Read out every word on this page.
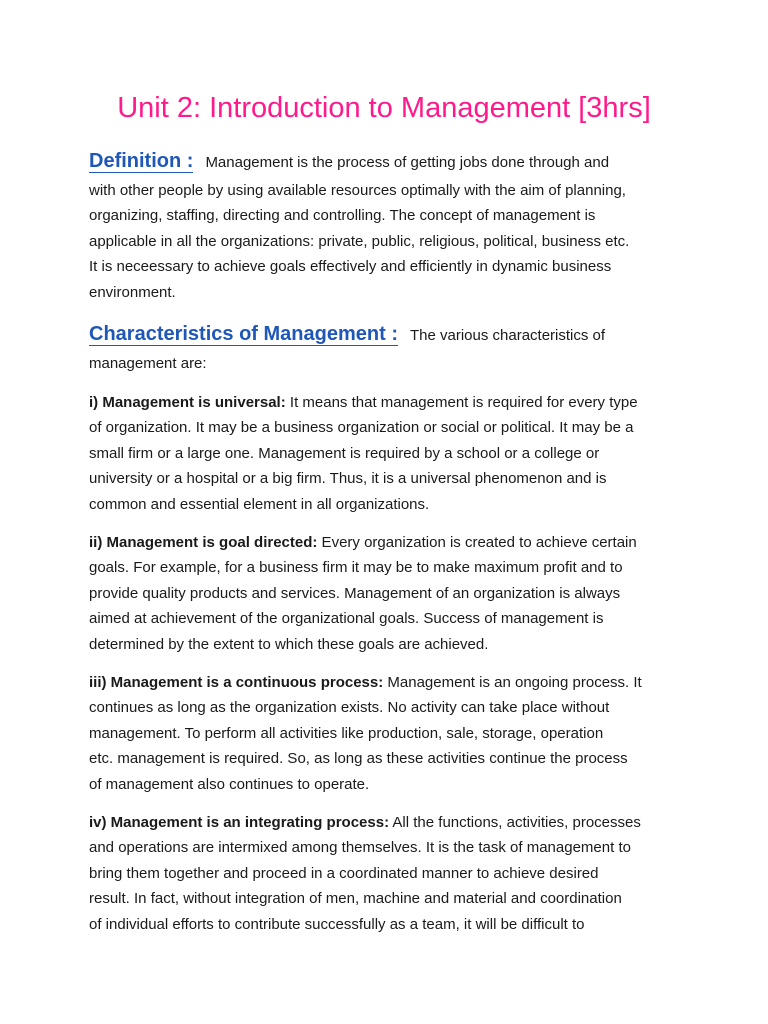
Unit 2: Introduction to Management [3hrs]
Definition : Management is the process of getting jobs done through and
with other people by using available resources optimally with the aim of planning,
organizing, staffing, directing and controlling. The concept of management is
applicable in all the organizations: private, public, religious, political, business etc.
It is neceessary to achieve goals effectively and efficiently in dynamic business
environment.
Characteristics of Management : The various characteristics of
management are:
i) Management is universal: It means that management is required for every type
of organization. It may be a business organization or social or political. It may be a
small firm or a large one. Management is required by a school or a college or
university or a hospital or a big firm. Thus, it is a universal phenomenon and is
common and essential element in all organizations.
ii) Management is goal directed: Every organization is created to achieve certain
goals. For example, for a business firm it may be to make maximum profit and to
provide quality products and services. Management of an organization is always
aimed at achievement of the organizational goals. Success of management is
determined by the extent to which these goals are achieved.
iii) Management is a continuous process: Management is an ongoing process. It
continues as long as the organization exists. No activity can take place without
management. To perform all activities like production, sale, storage, operation
etc. management is required. So, as long as these activities continue the process
of management also continues to operate.
iv) Management is an integrating process: All the functions, activities, processes
and operations are intermixed among themselves. It is the task of management to
bring them together and proceed in a coordinated manner to achieve desired
result. In fact, without integration of men, machine and material and coordination
of individual efforts to contribute successfully as a team, it will be difficult to
